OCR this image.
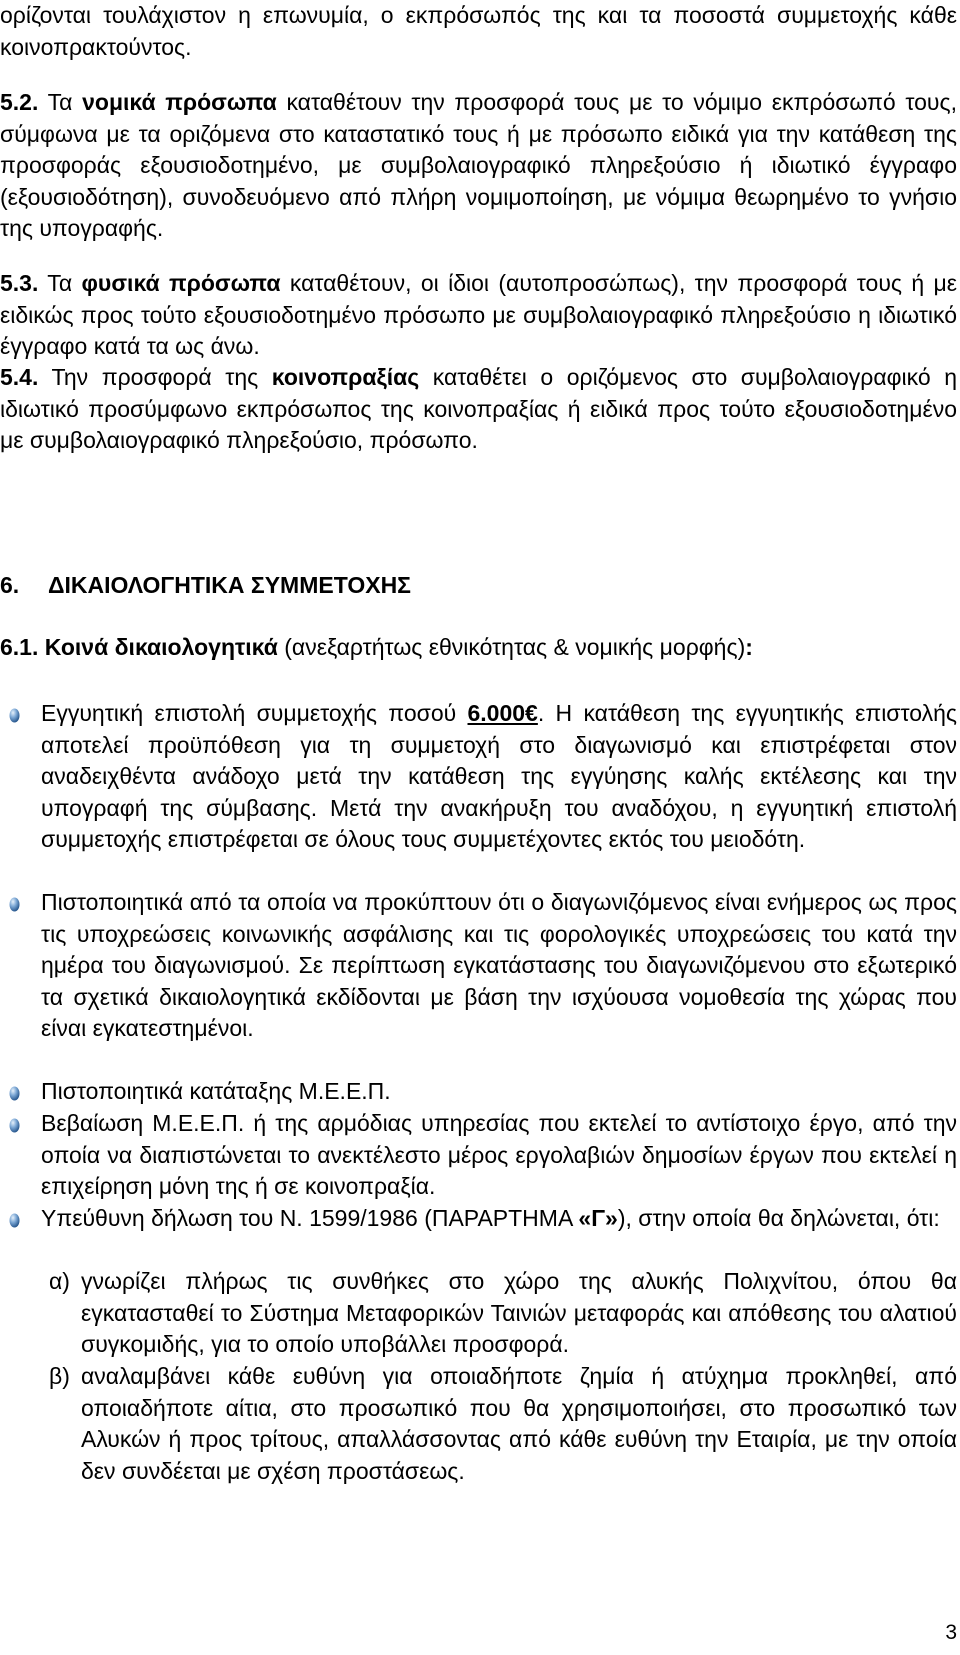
ορίζονται τουλάχιστον η επωνυμία, ο εκπρόσωπός της και τα ποσοστά συμμετοχής κάθε κοινοπρακτούντος.

5.2. Τα νομικά πρόσωπα καταθέτουν την προσφορά τους με το νόμιμο εκπρόσωπό τους, σύμφωνα με τα οριζόμενα στο καταστατικό τους ή με πρόσωπο ειδικά για την κατάθεση της προσφοράς εξουσιοδοτημένο, με συμβολαιογραφικό πληρεξούσιο ή ιδιωτικό έγγραφο (εξουσιοδότηση), συνοδευόμενο από πλήρη νομιμοποίηση, με νόμιμα θεωρημένο το γνήσιο της υπογραφής.

5.3. Τα φυσικά πρόσωπα καταθέτουν, οι ίδιοι (αυτοπροσώπως), την προσφορά τους ή με ειδικώς προς τούτο εξουσιοδοτημένο πρόσωπο με συμβολαιογραφικό πληρεξούσιο η ιδιωτικό έγγραφο κατά τα ως άνω.

5.4. Την προσφορά της κοινοπραξίας καταθέτει ο οριζόμενος στο συμβολαιογραφικό η ιδιωτικό προσύμφωνο εκπρόσωπος της κοινοπραξίας ή ειδικά προς τούτο εξουσιοδοτημένο με συμβολαιογραφικό πληρεξούσιο, πρόσωπο.

6. ΔΙΚΑΙΟΛΟΓΗΤΙΚΑ ΣΥΜΜΕΤΟΧΗΣ

6.1. Κοινά δικαιολογητικά (ανεξαρτήτως εθνικότητας & νομικής μορφής):

Εγγυητική επιστολή συμμετοχής ποσού 6.000€. Η κατάθεση της εγγυητικής επιστολής αποτελεί προϋπόθεση για τη συμμετοχή στο διαγωνισμό και επιστρέφεται στον αναδειχθέντα ανάδοχο μετά την κατάθεση της εγγύησης καλής εκτέλεσης και την υπογραφή της σύμβασης. Μετά την ανακήρυξη του αναδόχου, η εγγυητική επιστολή συμμετοχής επιστρέφεται σε όλους τους συμμετέχοντες εκτός του μειοδότη.

Πιστοποιητικά από τα οποία να προκύπτουν ότι ο διαγωνιζόμενος είναι ενήμερος ως προς τις υποχρεώσεις κοινωνικής ασφάλισης και τις φορολογικές υποχρεώσεις του κατά την ημέρα του διαγωνισμού. Σε περίπτωση εγκατάστασης του διαγωνιζόμενου στο εξωτερικό τα σχετικά δικαιολογητικά εκδίδονται με βάση την ισχύουσα νομοθεσία της χώρας που είναι εγκατεστημένοι.

Πιστοποιητικά κατάταξης Μ.Ε.Ε.Π.

Βεβαίωση Μ.Ε.Ε.Π. ή της αρμόδιας υπηρεσίας που εκτελεί το αντίστοιχο έργο, από την οποία να διαπιστώνεται το ανεκτέλεστο μέρος εργολαβιών δημοσίων έργων που εκτελεί η επιχείρηση μόνη της ή σε κοινοπραξία.

Υπεύθυνη δήλωση του Ν. 1599/1986 (ΠΑΡΑΡΤΗΜΑ «Γ»), στην οποία θα δηλώνεται, ότι:

α) γνωρίζει πλήρως τις συνθήκες στο χώρο της αλυκής Πολιχνίτου, όπου θα εγκατασταθεί το Σύστημα Μεταφορικών Ταινιών μεταφοράς και απόθεσης του αλατιού συγκομιδής, για το οποίο υποβάλλει προσφορά.

β) αναλαμβάνει κάθε ευθύνη για οποιαδήποτε ζημία ή ατύχημα προκληθεί, από οποιαδήποτε αίτια, στο προσωπικό που θα χρησιμοποιήσει, στο προσωπικό των Αλυκών ή προς τρίτους, απαλλάσσοντας από κάθε ευθύνη την Εταιρία, με την οποία δεν συνδέεται με σχέση προστάσεως.

3
